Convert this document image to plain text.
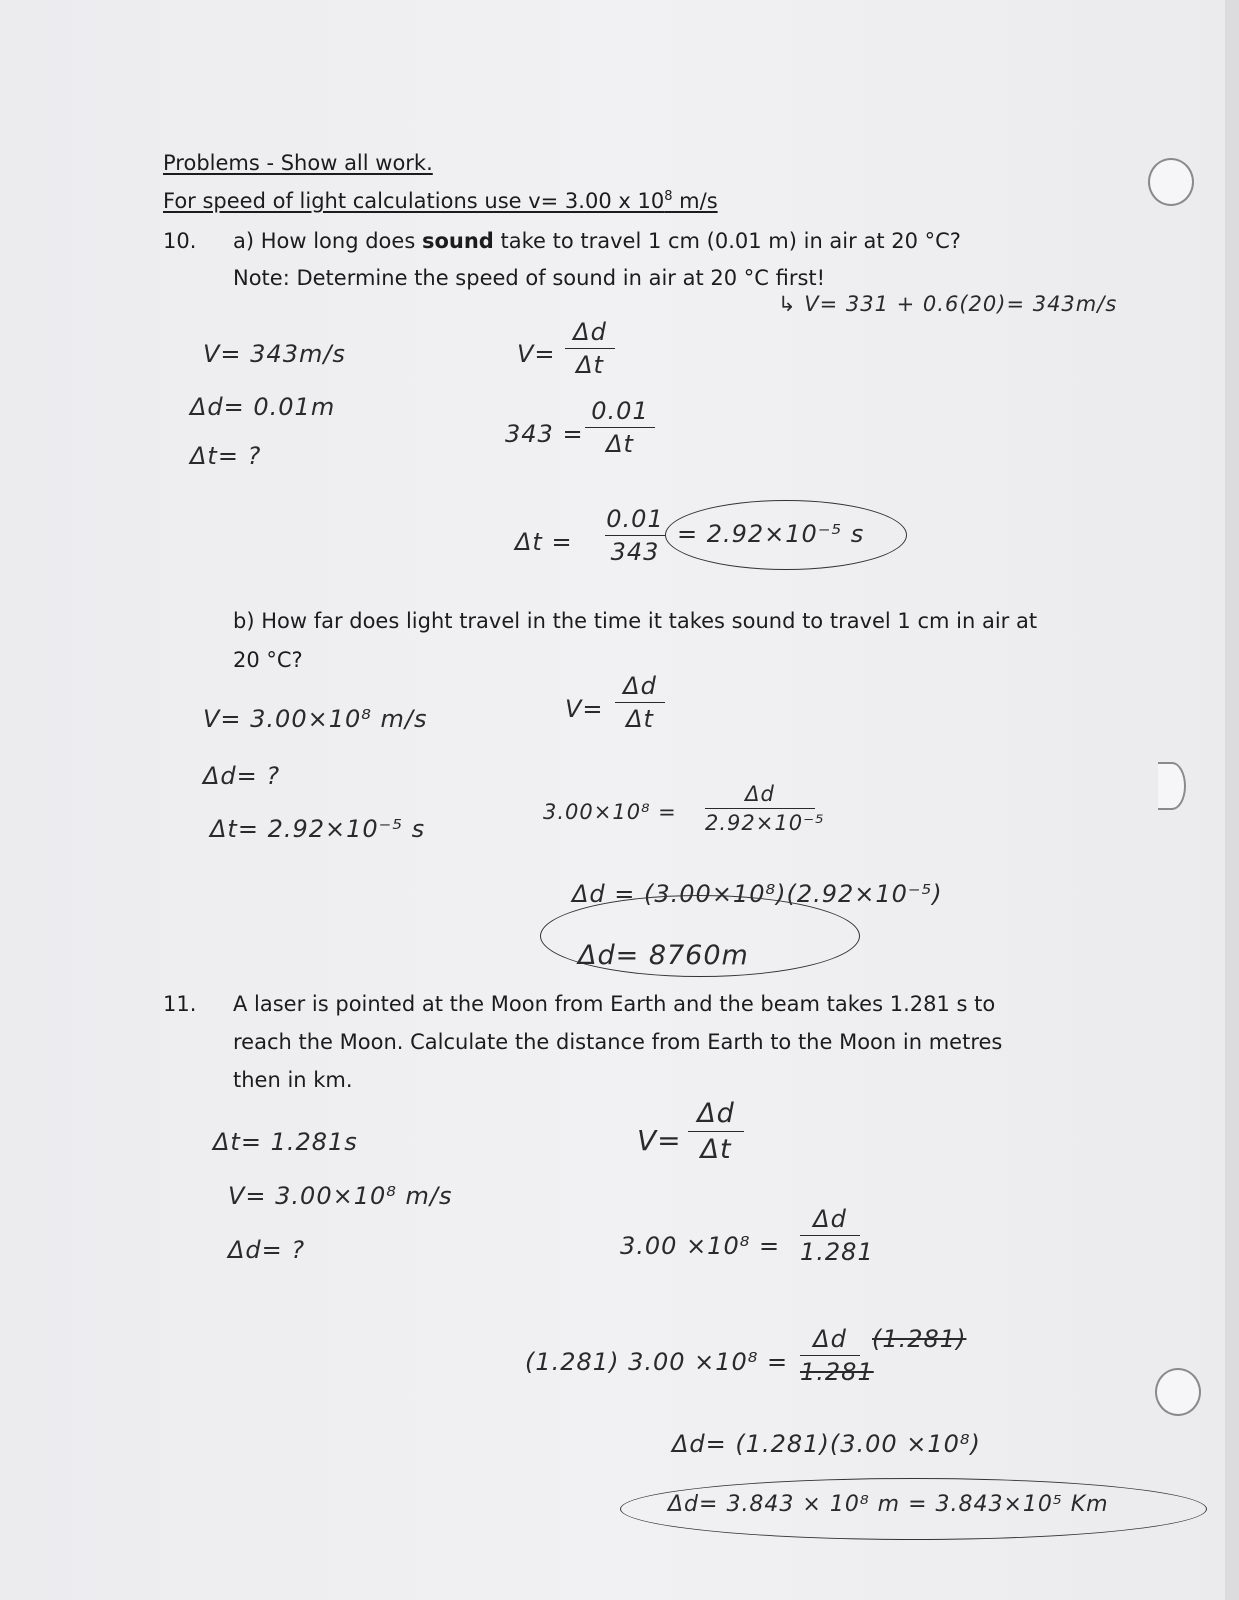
Problems - Show all work.
For speed of light calculations use v= 3.00 x $10^8$ m/s
10. a) How long does sound take to travel 1 cm (0.01 m) in air at 20 °C?
Note: Determine the speed of sound in air at 20 °C first!
b) How far does light travel in the time it takes sound to travel 1 cm in air at
20 °C?
11. A laser is pointed at the Moon from Earth and the beam takes 1.281 s to
reach the Moon. Calculate the distance from Earth to the Moon in metres
then in km.
↳ V= 331 + 0.6(20)= 343m/s
V= 343m/s
Δd= 0.01m
Δt= ?
V=
Δd
Δt
343 =
0.01
Δt
Δt =
0.01
343
= 2.92×10⁻⁵ s
V= 3.00×10⁸ m/s
Δd= ?
Δt= 2.92×10⁻⁵ s
V=
Δd
Δt
3.00×10⁸ =
Δd
2.92×10⁻⁵
Δd = (3.00×10⁸)(2.92×10⁻⁵)
Δd= 8760m
Δt= 1.281s
V= 3.00×10⁸ m/s
Δd= ?
V=
Δd
Δt
3.00 ×10⁸ =
Δd
1.281
(1.281) 3.00 ×10⁸ =
Δd
1.281
(1.281)
Δd= (1.281)(3.00 ×10⁸)
Δd= 3.843 × 10⁸ m = 3.843×10⁵ Km
